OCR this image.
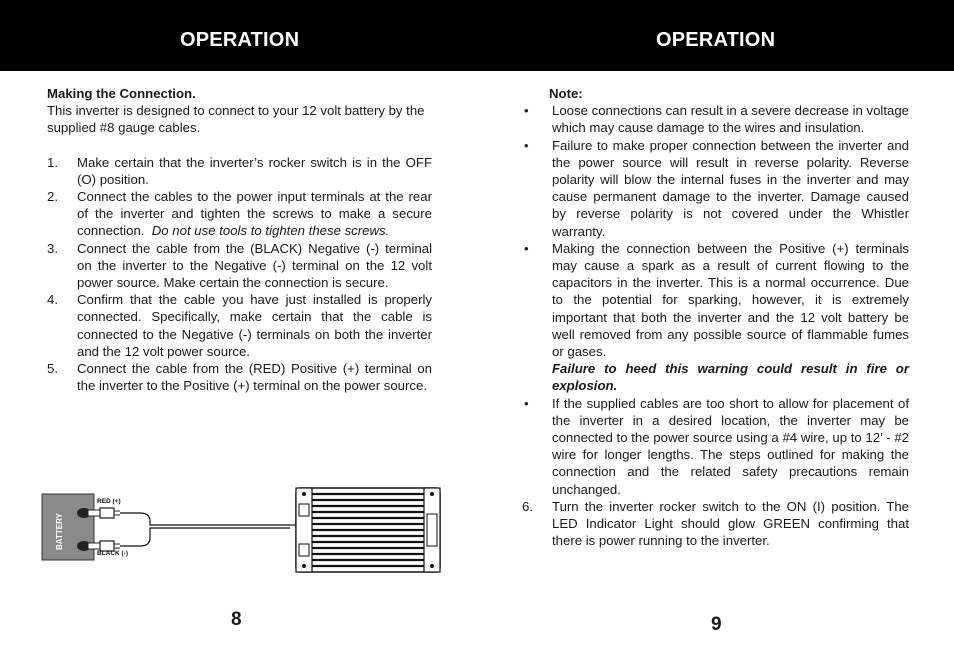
OPERATION	OPERATION

Making the Connection.

This inverter is designed to connect to your 12 volt battery by the supplied #8 gauge cables.

1. Make certain that the inverter’s rocker switch is in the OFF (O) position.
2. Connect the cables to the power input terminals at the rear of the inverter and tighten the screws to make a secure connection. Do not use tools to tighten these screws.
3. Connect the cable from the (BLACK) Negative (-) terminal on the inverter to the Negative (-) terminal on the 12 volt power source. Make certain the connection is secure.
4. Confirm that the cable you have just installed is properly connected. Specifically, make certain that the cable is connected to the Negative (-) terminals on both the inverter and the 12 volt power source.
5. Connect the cable from the (RED) Positive (+) terminal on the inverter to the Positive (+) terminal on the power source.
BATTERY
RED (+)
BLACK (-)

Note:

• Loose connections can result in a severe decrease in voltage which may cause damage to the wires and insulation.
• Failure to make proper connection between the inverter and the power source will result in reverse polarity. Reverse polarity will blow the internal fuses in the inverter and may cause permanent damage to the inverter. Damage caused by reverse polarity is not covered under the Whistler warranty.
• Making the connection between the Positive (+) terminals may cause a spark as a result of current flowing to the capacitors in the inverter. This is a normal occurrence. Due to the potential for sparking, however, it is extremely important that both the inverter and the 12 volt battery be well removed from any possible source of flammable fumes or gases.
Failure to heed this warning could result in fire or explosion.
• If the supplied cables are too short to allow for placement of the inverter in a desired location, the inverter may be connected to the power source using a #4 wire, up to 12’ - #2 wire for longer lengths. The steps outlined for making the connection and the related safety precautions remain unchanged.
6. Turn the inverter rocker switch to the ON (I) position. The LED Indicator Light should glow GREEN confirming that there is power running to the inverter.
8	9
